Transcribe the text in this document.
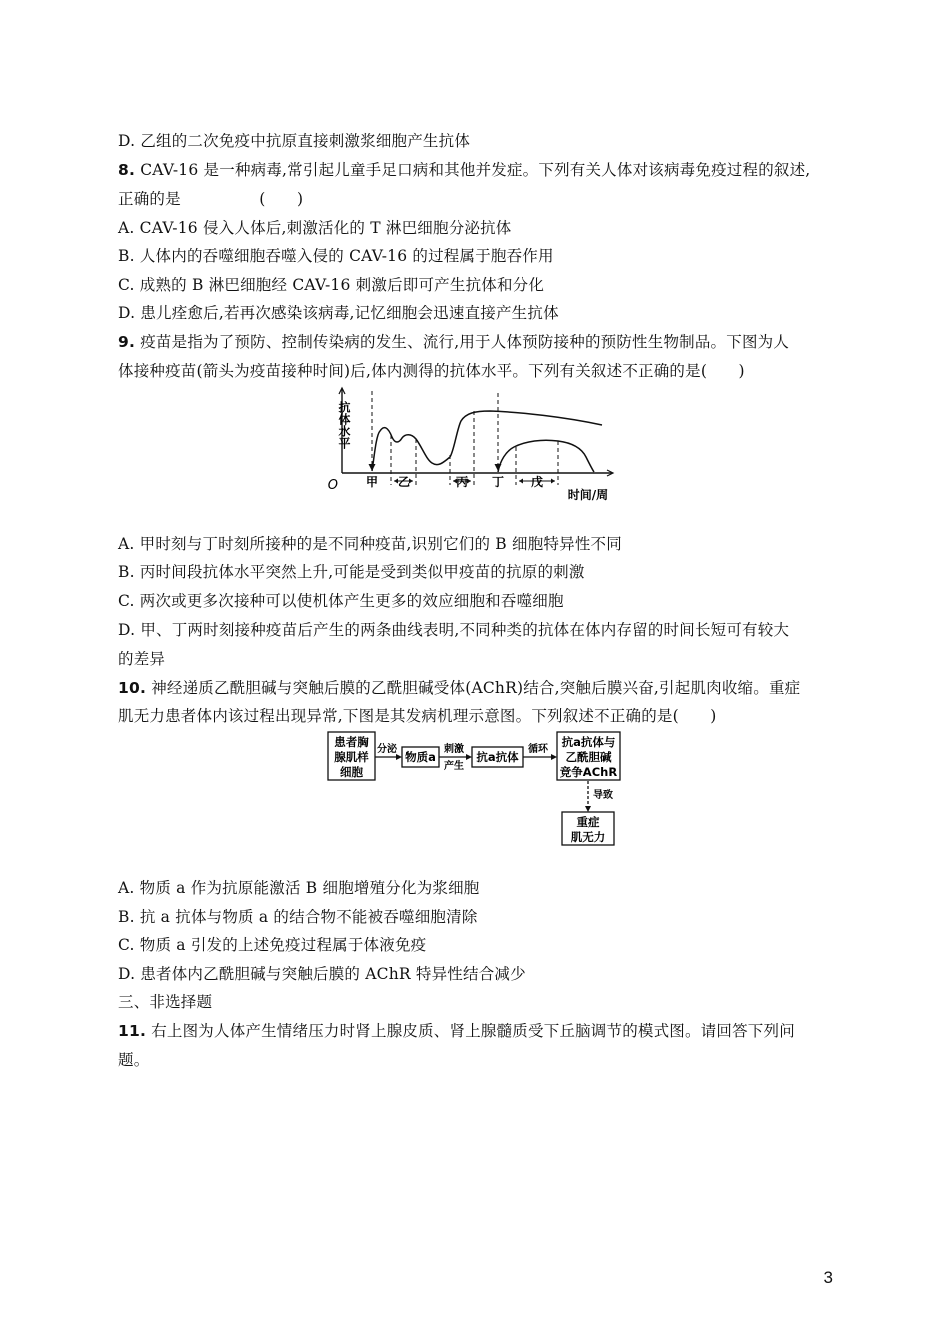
D. 乙组的二次免疫中抗原直接刺激浆细胞产生抗体
8. CAV-16 是一种病毒,常引起儿童手足口病和其他并发症。下列有关人体对该病毒免疫过程的叙述,
正确的是　　　　　(　　)
A. CAV-16 侵入人体后,刺激活化的 T 淋巴细胞分泌抗体
B. 人体内的吞噬细胞吞噬入侵的 CAV-16 的过程属于胞吞作用
C. 成熟的 B 淋巴细胞经 CAV-16 刺激后即可产生抗体和分化
D. 患儿痊愈后,若再次感染该病毒,记忆细胞会迅速直接产生抗体
9. 疫苗是指为了预防、控制传染病的发生、流行,用于人体预防接种的预防性生物制品。下图为人
体接种疫苗(箭头为疫苗接种时间)后,体内测得的抗体水平。下列有关叙述不正确的是(　　)
抗体水平
O 甲 乙	丙 丁 戊
时间/周
A. 甲时刻与丁时刻所接种的是不同种疫苗,识别它们的 B 细胞特异性不同
B. 丙时间段抗体水平突然上升,可能是受到类似甲疫苗的抗原的刺激
C. 两次或更多次接种可以使机体产生更多的效应细胞和吞噬细胞
D. 甲、丁两时刻接种疫苗后产生的两条曲线表明,不同种类的抗体在体内存留的时间长短可有较大
的差异
10. 神经递质乙酰胆碱与突触后膜的乙酰胆碱受体(AChR)结合,突触后膜兴奋,引起肌肉收缩。重症
肌无力患者体内该过程出现异常,下图是其发病机理示意图。下列叙述不正确的是(　　)
患者胸
腺肌样
细胞
分泌
物质a
刺激
产生
抗a抗体
循环
抗a抗体与
乙酰胆碱
竞争AChR
导致
重症
肌无力
A. 物质 a 作为抗原能激活 B 细胞增殖分化为浆细胞
B. 抗 a 抗体与物质 a 的结合物不能被吞噬细胞清除
C. 物质 a 引发的上述免疫过程属于体液免疫
D. 患者体内乙酰胆碱与突触后膜的 AChR 特异性结合减少
三、非选择题
11. 右上图为人体产生情绪压力时肾上腺皮质、肾上腺髓质受下丘脑调节的模式图。请回答下列问
题。
3
